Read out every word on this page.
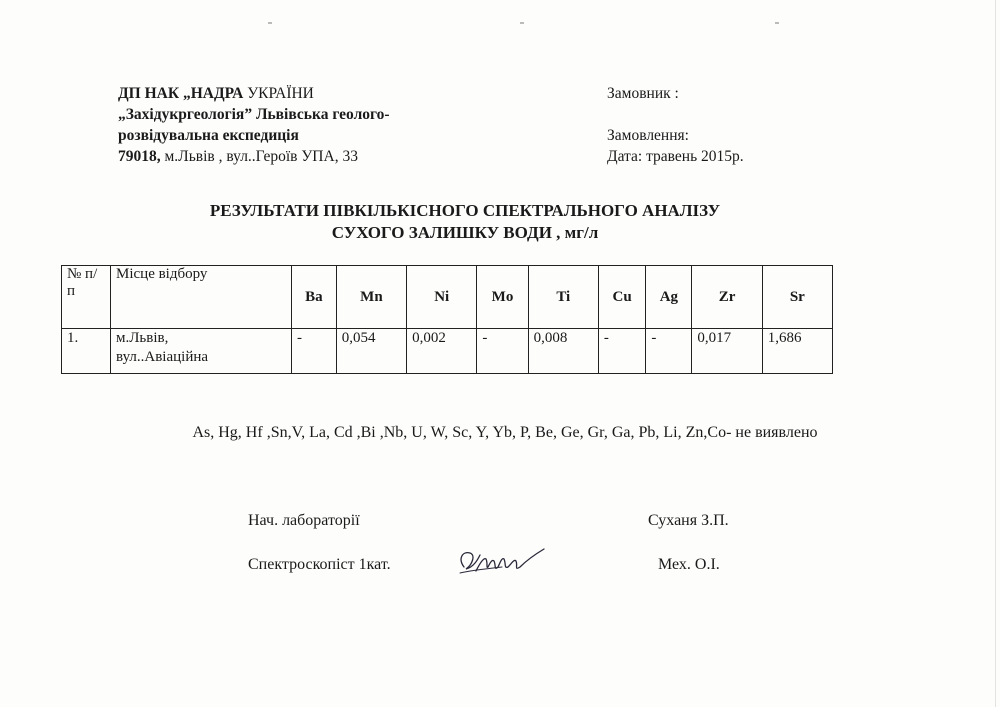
ДП НАК „НАДРА УКРАЇНИ
„Західукргеологія” Львівська геолого-
розвідувальна експедиція
79018, м.Львів , вул..Героїв УПА, 33
Замовник :
Замовлення:
Дата: травень 2015р.
РЕЗУЛЬТАТИ ПІВКІЛЬКІСНОГО СПЕКТРАЛЬНОГО АНАЛІЗУ
СУХОГО ЗАЛИШКУ ВОДИ , мг/л
№ п/п	Місце відбору	Ba	Mn	Ni	Mo	Ti	Cu	Ag	Zr	Sr
1.	м.Львів,
вул..Авіаційна	-	0,054	0,002	-	0,008	-	-	0,017	1,686
As, Hg, Hf ,Sn,V, La, Cd ,Bi ,Nb, U, W, Sc, Y, Yb, P, Be, Ge, Gr, Ga, Pb, Li, Zn,Co- не виявлено
Нач. лабораторії	Суханя З.П.
Спектроскопіст 1кат.	Мех. О.І.
